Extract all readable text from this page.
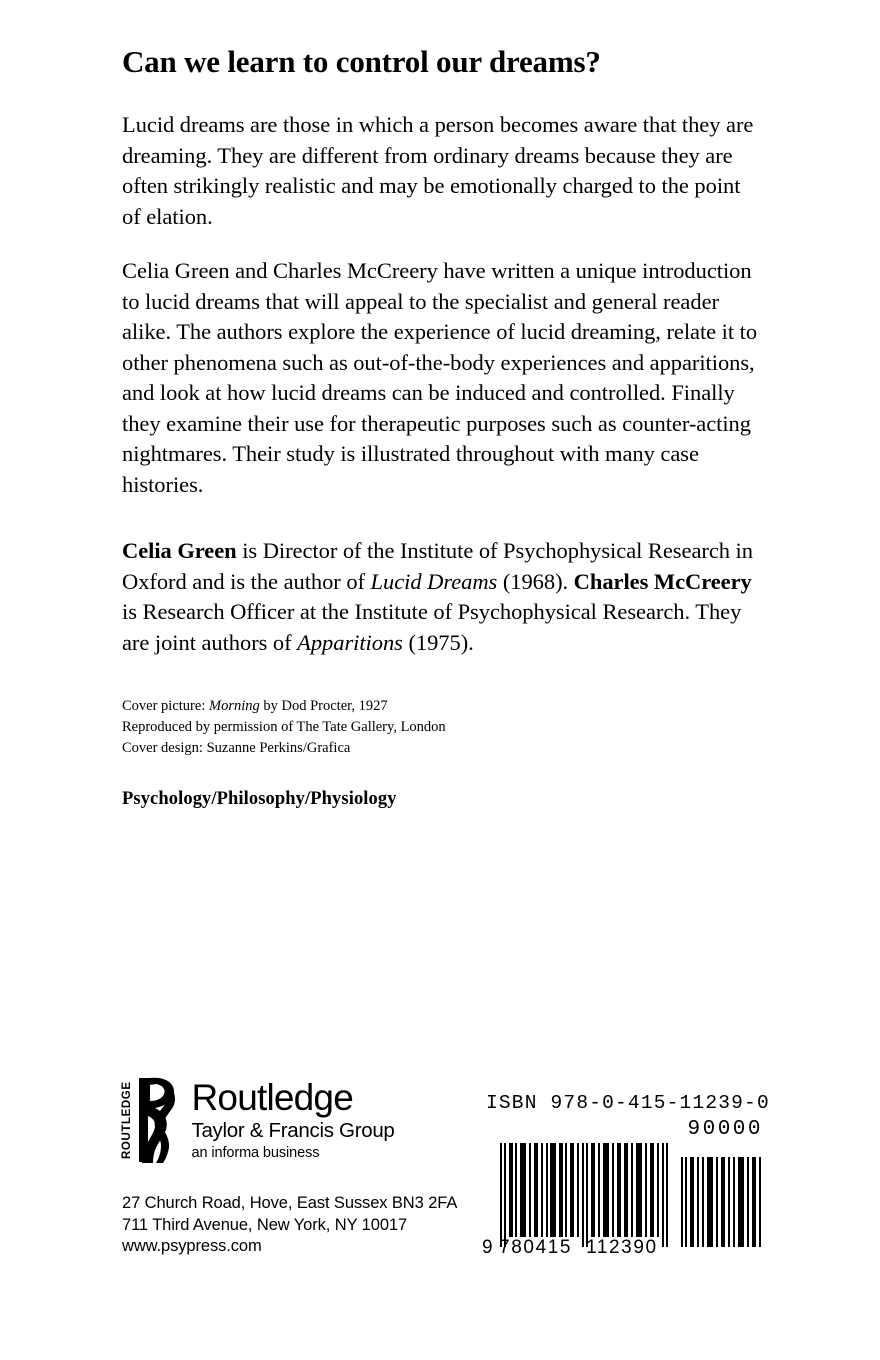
Can we learn to control our dreams?

Lucid dreams are those in which a person becomes aware that they are dreaming. They are different from ordinary dreams because they are often strikingly realistic and may be emotionally charged to the point of elation.

Celia Green and Charles McCreery have written a unique introduction to lucid dreams that will appeal to the specialist and general reader alike. The authors explore the experience of lucid dreaming, relate it to other phenomena such as out-of-the-body experiences and apparitions, and look at how lucid dreams can be induced and controlled. Finally they examine their use for therapeutic purposes such as counter-acting nightmares. Their study is illustrated throughout with many case histories.

Celia Green is Director of the Institute of Psychophysical Research in Oxford and is the author of Lucid Dreams (1968). Charles McCreery is Research Officer at the Institute of Psychophysical Research. They are joint authors of Apparitions (1975).

Cover picture: Morning by Dod Procter, 1927
Reproduced by permission of The Tate Gallery, London
Cover design: Suzanne Perkins/Grafica
Psychology/Philosophy/Physiology
ROUTLEDGE Routledge
Taylor & Francis Group
an informa business
27 Church Road, Hove, East Sussex BN3 2FA
711 Third Avenue, New York, NY 10017
www.psypress.com
ISBN 978-0-415-11239-0
90000
9 780415 112390
